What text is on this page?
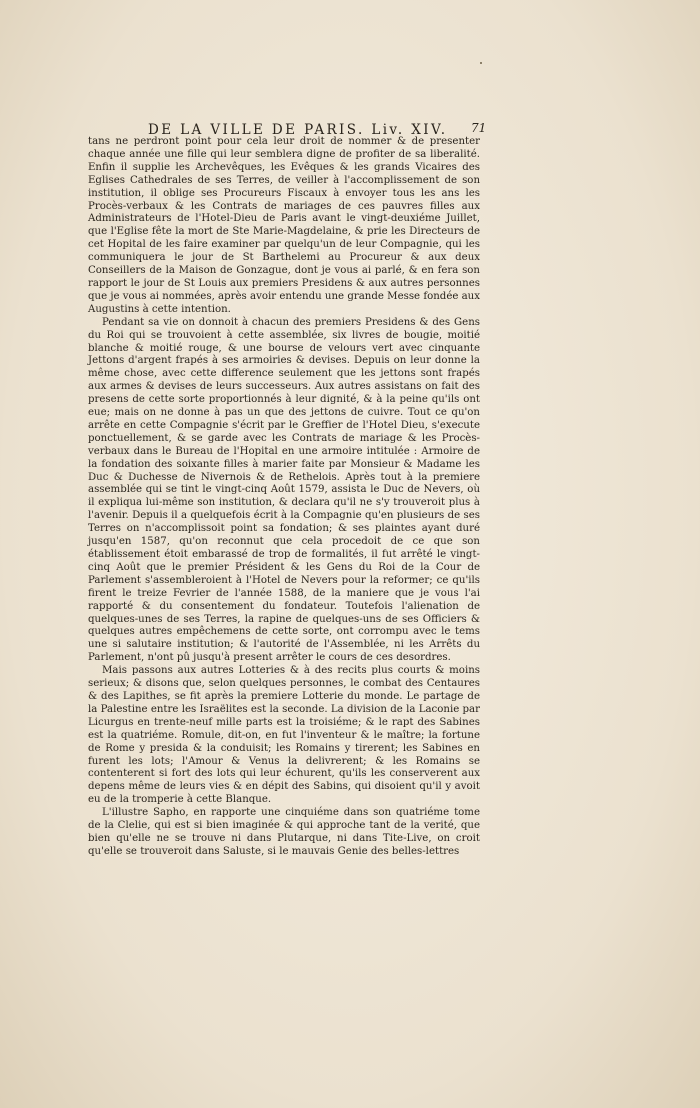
DE LA VILLE DE PARIS. Liv. XIV. 71

tans ne perdront point pour cela leur droit de nommer & de presenter chaque année une fille qui leur semblera digne de profiter de sa liberalité. Enfin il supplie les Archevêques, les Evêques & les grands Vicaires des Eglises Cathedrales de ses Terres, de veiller à l'accomplissement de son institution, il oblige ses Procureurs Fiscaux à envoyer tous les ans les Procès-verbaux & les Contrats de mariages de ces pauvres filles aux Administrateurs de l'Hotel-Dieu de Paris avant le vingt-deuxiéme Juillet, que l'Eglise fête la mort de Ste Marie-Magdelaine, & prie les Directeurs de cet Hopital de les faire examiner par quelqu'un de leur Compagnie, qui les communiquera le jour de St Barthelemi au Procureur & aux deux Conseillers de la Maison de Gonzague, dont je vous ai parlé, & en fera son rapport le jour de St Louis aux premiers Presidens & aux autres personnes que je vous ai nommées, après avoir entendu une grande Messe fondée aux Augustins à cette intention.

Pendant sa vie on donnoit à chacun des premiers Presidens & des Gens du Roi qui se trouvoient à cette assemblée, six livres de bougie, moitié blanche & moitié rouge, & une bourse de velours vert avec cinquante Jettons d'argent frapés à ses armoiries & devises. Depuis on leur donne la même chose, avec cette difference seulement que les jettons sont frapés aux armes & devises de leurs successeurs. Aux autres assistans on fait des presens de cette sorte proportionnés à leur dignité, & à la peine qu'ils ont eue; mais on ne donne à pas un que des jettons de cuivre. Tout ce qu'on arrête en cette Compagnie s'écrit par le Greffier de l'Hotel Dieu, s'execute ponctuellement, & se garde avec les Contrats de mariage & les Procès-verbaux dans le Bureau de l'Hopital en une armoire intitulée : Armoire de la fondation des soixante filles à marier faite par Monsieur & Madame les Duc & Duchesse de Nivernois & de Rethelois. Après tout à la premiere assemblée qui se tint le vingt-cinq Août 1579, assista le Duc de Nevers, où il expliqua lui-même son institution, & declara qu'il ne s'y trouveroit plus à l'avenir. Depuis il a quelquefois écrit à la Compagnie qu'en plusieurs de ses Terres on n'accomplissoit point sa fondation; & ses plaintes ayant duré jusqu'en 1587, qu'on reconnut que cela procedoit de ce que son établissement étoit embarassé de trop de formalités, il fut arrêté le vingt-cinq Août que le premier Président & les Gens du Roi de la Cour de Parlement s'assembleroient à l'Hotel de Nevers pour la reformer; ce qu'ils firent le treize Fevrier de l'année 1588, de la maniere que je vous l'ai rapporté & du consentement du fondateur. Toutefois l'alienation de quelques-unes de ses Terres, la rapine de quelques-uns de ses Officiers & quelques autres empêchemens de cette sorte, ont corrompu avec le tems une si salutaire institution; & l'autorité de l'Assemblée, ni les Arrêts du Parlement, n'ont pû jusqu'à present arrêter le cours de ces desordres.

Mais passons aux autres Lotteries & à des recits plus courts & moins serieux; & disons que, selon quelques personnes, le combat des Centaures & des Lapithes, se fit après la premiere Lotterie du monde. Le partage de la Palestine entre les Israëlites est la seconde. La division de la Laconie par Licurgus en trente-neuf mille parts est la troisiéme; & le rapt des Sabines est la quatriéme. Romule, dit-on, en fut l'inventeur & le maître; la fortune de Rome y presida & la conduisit; les Romains y tirerent; les Sabines en furent les lots; l'Amour & Venus la delivrerent; & les Romains se contenterent si fort des lots qui leur échurent, qu'ils les conserverent aux depens même de leurs vies & en dépit des Sabins, qui disoient qu'il y avoit eu de la tromperie à cette Blanque.

L'illustre Sapho, en rapporte une cinquiéme dans son quatriéme tome de la Clelie, qui est si bien imaginée & qui approche tant de la verité, que bien qu'elle ne se trouve ni dans Plutarque, ni dans Tite-Live, on croit qu'elle se trouveroit dans Saluste, si le mauvais Genie des belles-lettres
